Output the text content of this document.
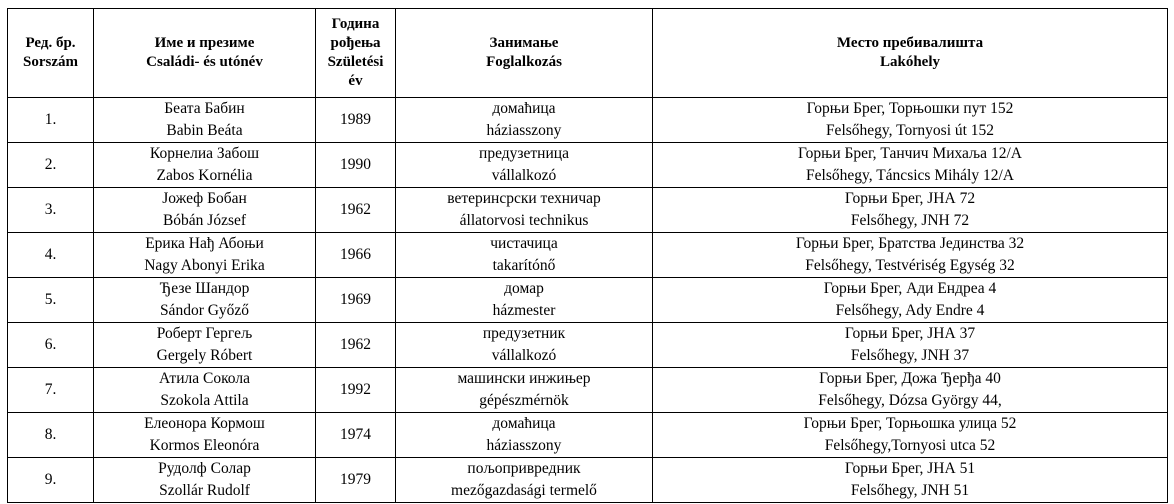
Ред. бр.
Sorszám	Име и презиме
Családi- és utónév	Година
рођења
Születési
év	Занимање
Foglalkozás	Место пребивалишта
Lakóhely

1.	Беата Бабин
Babin Beáta	1989	домаћица
háziasszony	Горњи Брег, Торњошки пут 152
Felsőhegy, Tornyosi út 152

2.	Корнелиа Забош
Zabos Kornélia	1990	предузетница
vállalkozó	Горњи Брег, Танчич Михаља 12/А
Felsőhegy, Táncsics Mihály 12/A

3.	Јожеф Бобан
Bóbán József	1962	ветеринсрски техничар
állatorvosi technikus	Горњи Брег, ЈНА 72
Felsőhegy, JNH 72

4.	Ерика Нађ Абоњи
Nagy Abonyi Erika	1966	чистачица
takarítónő	Горњи Брег, Братства Јединства 32
Felsőhegy, Testvériség Egység 32

5.	Ђезе Шандор
Sándor Győző	1969	домар
házmester	Горњи Брег, Ади Ендреа 4
Felsőhegy, Ady Endre 4

6.	Роберт Гергељ
Gergely Róbert	1962	предузетник
vállalkozó	Горњи Брег, ЈНА 37
Felsőhegy, JNH 37

7.	Атила Сокола
Szokola Attila	1992	машински инжињер
gépészmérnök	Горњи Брег, Дожа Ђерђа 40
Felsőhegy, Dózsa György 44,

8.	Елеонора Кормош
Kormos Eleonóra	1974	домаћица
háziasszony	Горњи Брег, Торњошка улица 52
Felsőhegy,Tornyosi utca 52

9.	Рудолф Солар
Szollár Rudolf	1979	пољопривредник
mezőgazdasági termelő	Горњи Брег, ЈНА 51
Felsőhegy, JNH 51
